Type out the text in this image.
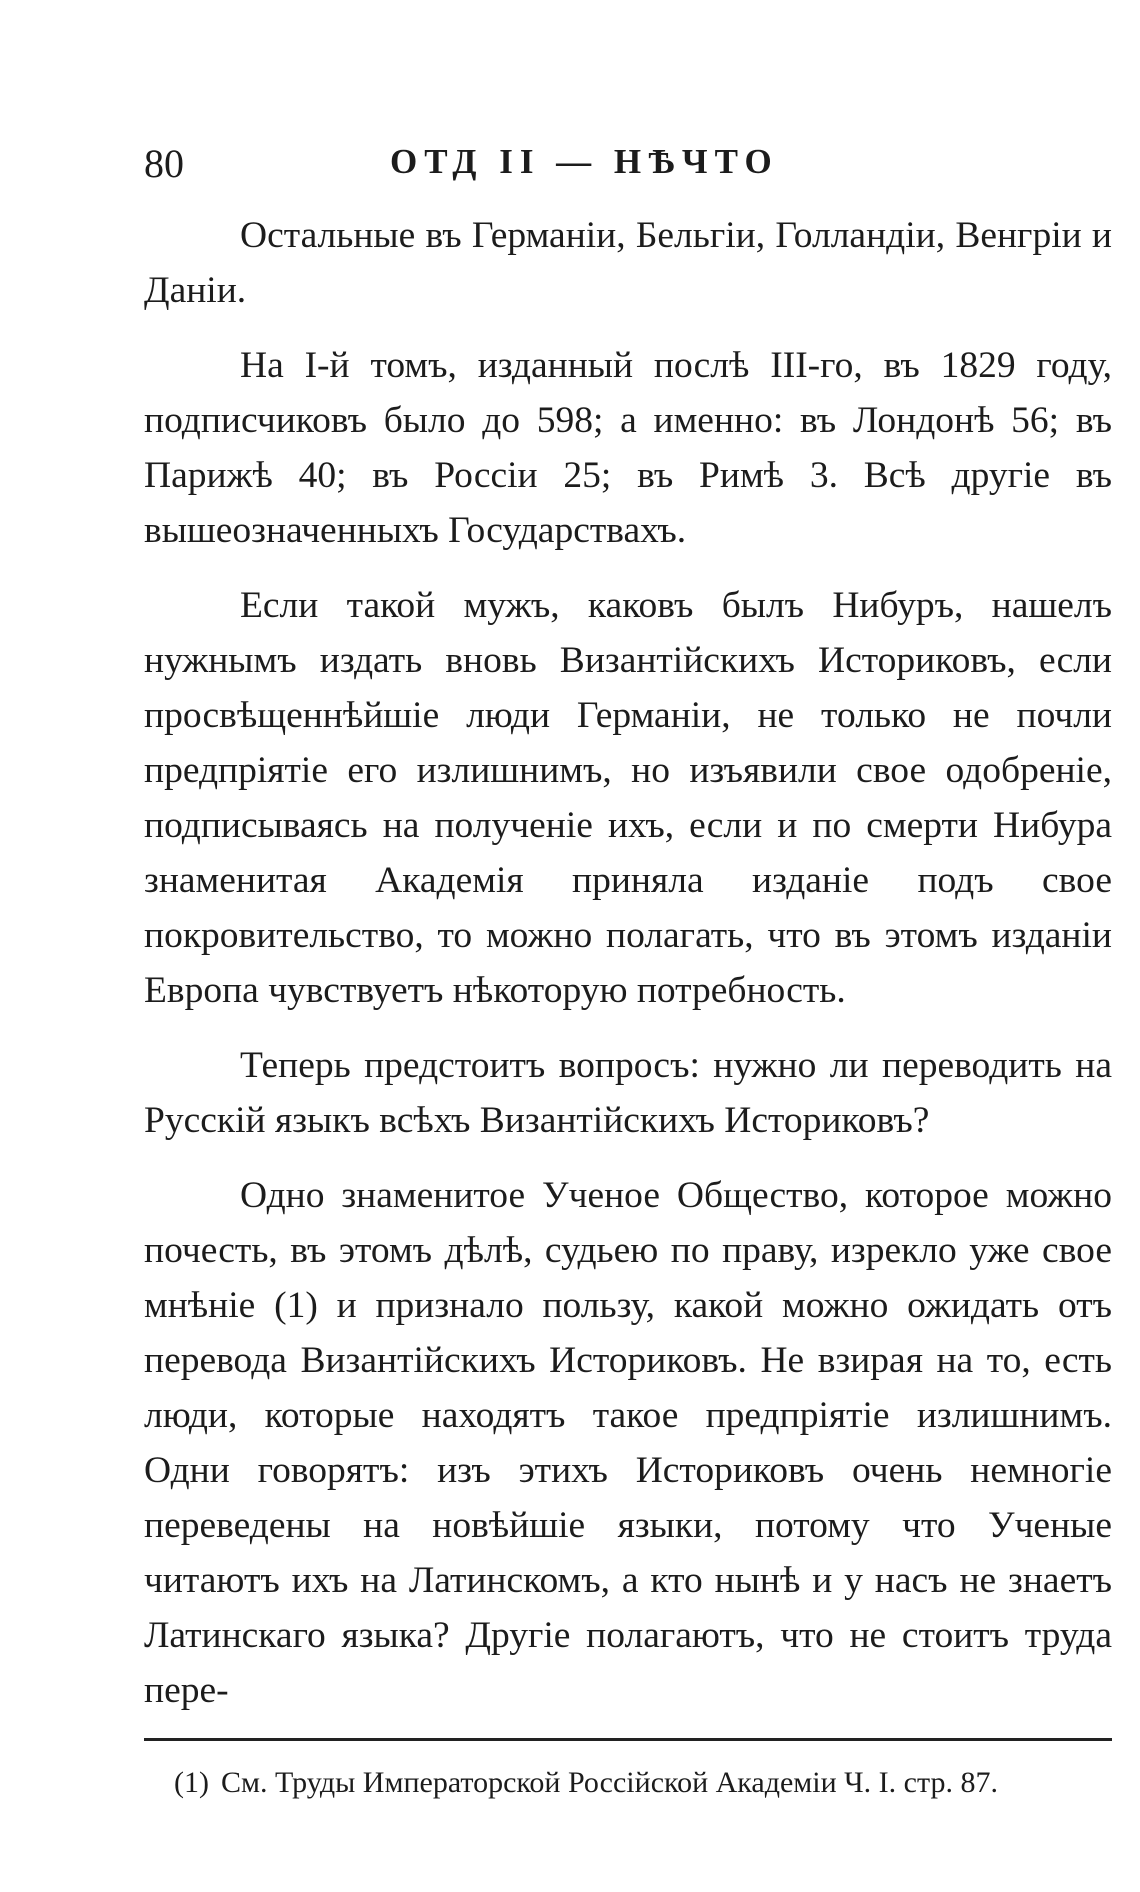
80	ОТД II — НѢЧТО

Остальные въ Германіи, Бельгіи, Голландіи, Венгріи и Даніи.

На I-й томъ, изданный послѣ III-го, въ 1829 году, подписчиковъ было до 598; а именно: въ Лондонѣ 56; въ Парижѣ 40; въ Россіи 25; въ Римѣ 3. Всѣ другіе въ вышеозначенныхъ Государствахъ.

Если такой мужъ, каковъ былъ Нибуръ, нашелъ нужнымъ издать вновь Византійскихъ Историковъ, если просвѣщеннѣйшіе люди Германіи, не только не почли предпріятіе его излишнимъ, но изъявили свое одобреніе, подписываясь на полученіе ихъ, если и по смерти Нибура знаменитая Академія приняла изданіе подъ свое покровительство, то можно полагать, что въ этомъ изданіи Европа чувствуетъ нѣкоторую потребность.

Теперь предстоитъ вопросъ: нужно ли переводить на Русскій языкъ всѣхъ Византійскихъ Историковъ?

Одно знаменитое Ученое Общество, которое можно почесть, въ этомъ дѣлѣ, судьею по праву, изрекло уже свое мнѣніе (1) и признало пользу, какой можно ожидать отъ перевода Византійскихъ Историковъ. Не взирая на то, есть люди, которые находятъ такое предпріятіе излишнимъ. Одни говорятъ: изъ этихъ Историковъ очень немногіе переведены на новѣйшіе языки, потому что Ученые читаютъ ихъ на Латинскомъ, а кто нынѣ и у насъ не знаетъ Латинскаго языка? Другіе полагаютъ, что не стоитъ труда пере-

(1) См. Труды Императорской Россійской Академіи Ч. I. стр. 87.
